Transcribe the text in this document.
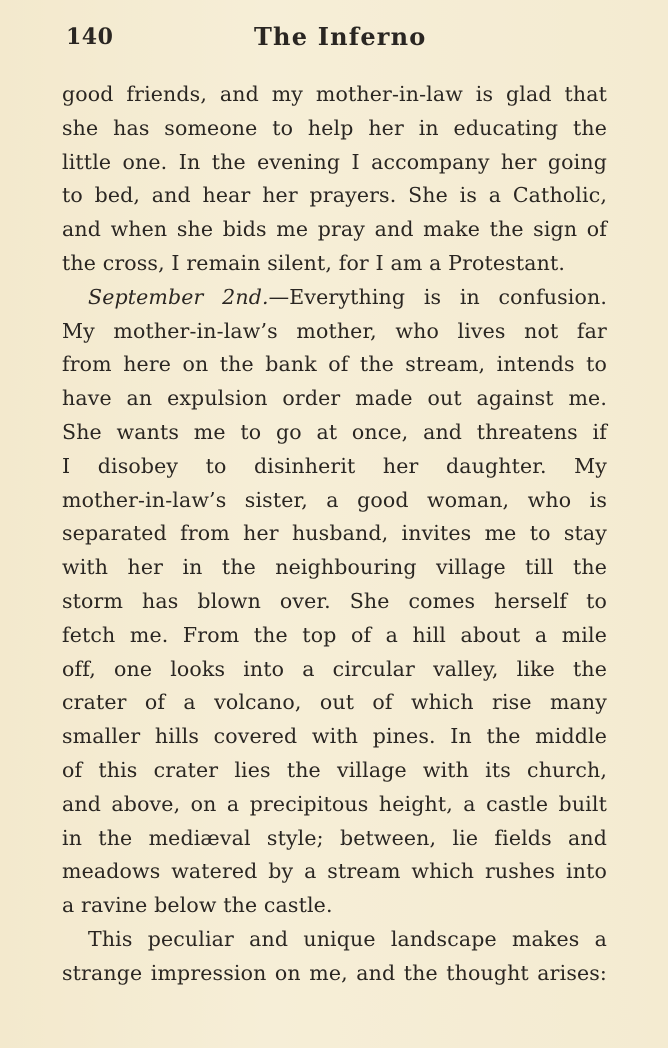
140	The Inferno
good friends, and my mother-in-law is glad that
she has someone to help her in educating the
little one. In the evening I accompany her going
to bed, and hear her prayers. She is a Catholic,
and when she bids me pray and make the sign of
the cross, I remain silent, for I am a Protestant.
September 2nd.—Everything is in confusion.
My mother-in-law’s mother, who lives not far
from here on the bank of the stream, intends to
have an expulsion order made out against me.
She wants me to go at once, and threatens if
I disobey to disinherit her daughter. My
mother-in-law’s sister, a good woman, who is
separated from her husband, invites me to stay
with her in the neighbouring village till the
storm has blown over. She comes herself to
fetch me. From the top of a hill about a mile
off, one looks into a circular valley, like the
crater of a volcano, out of which rise many
smaller hills covered with pines. In the middle
of this crater lies the village with its church,
and above, on a precipitous height, a castle built
in the mediæval style; between, lie fields and
meadows watered by a stream which rushes into
a ravine below the castle.
This peculiar and unique landscape makes a
strange impression on me, and the thought arises:
